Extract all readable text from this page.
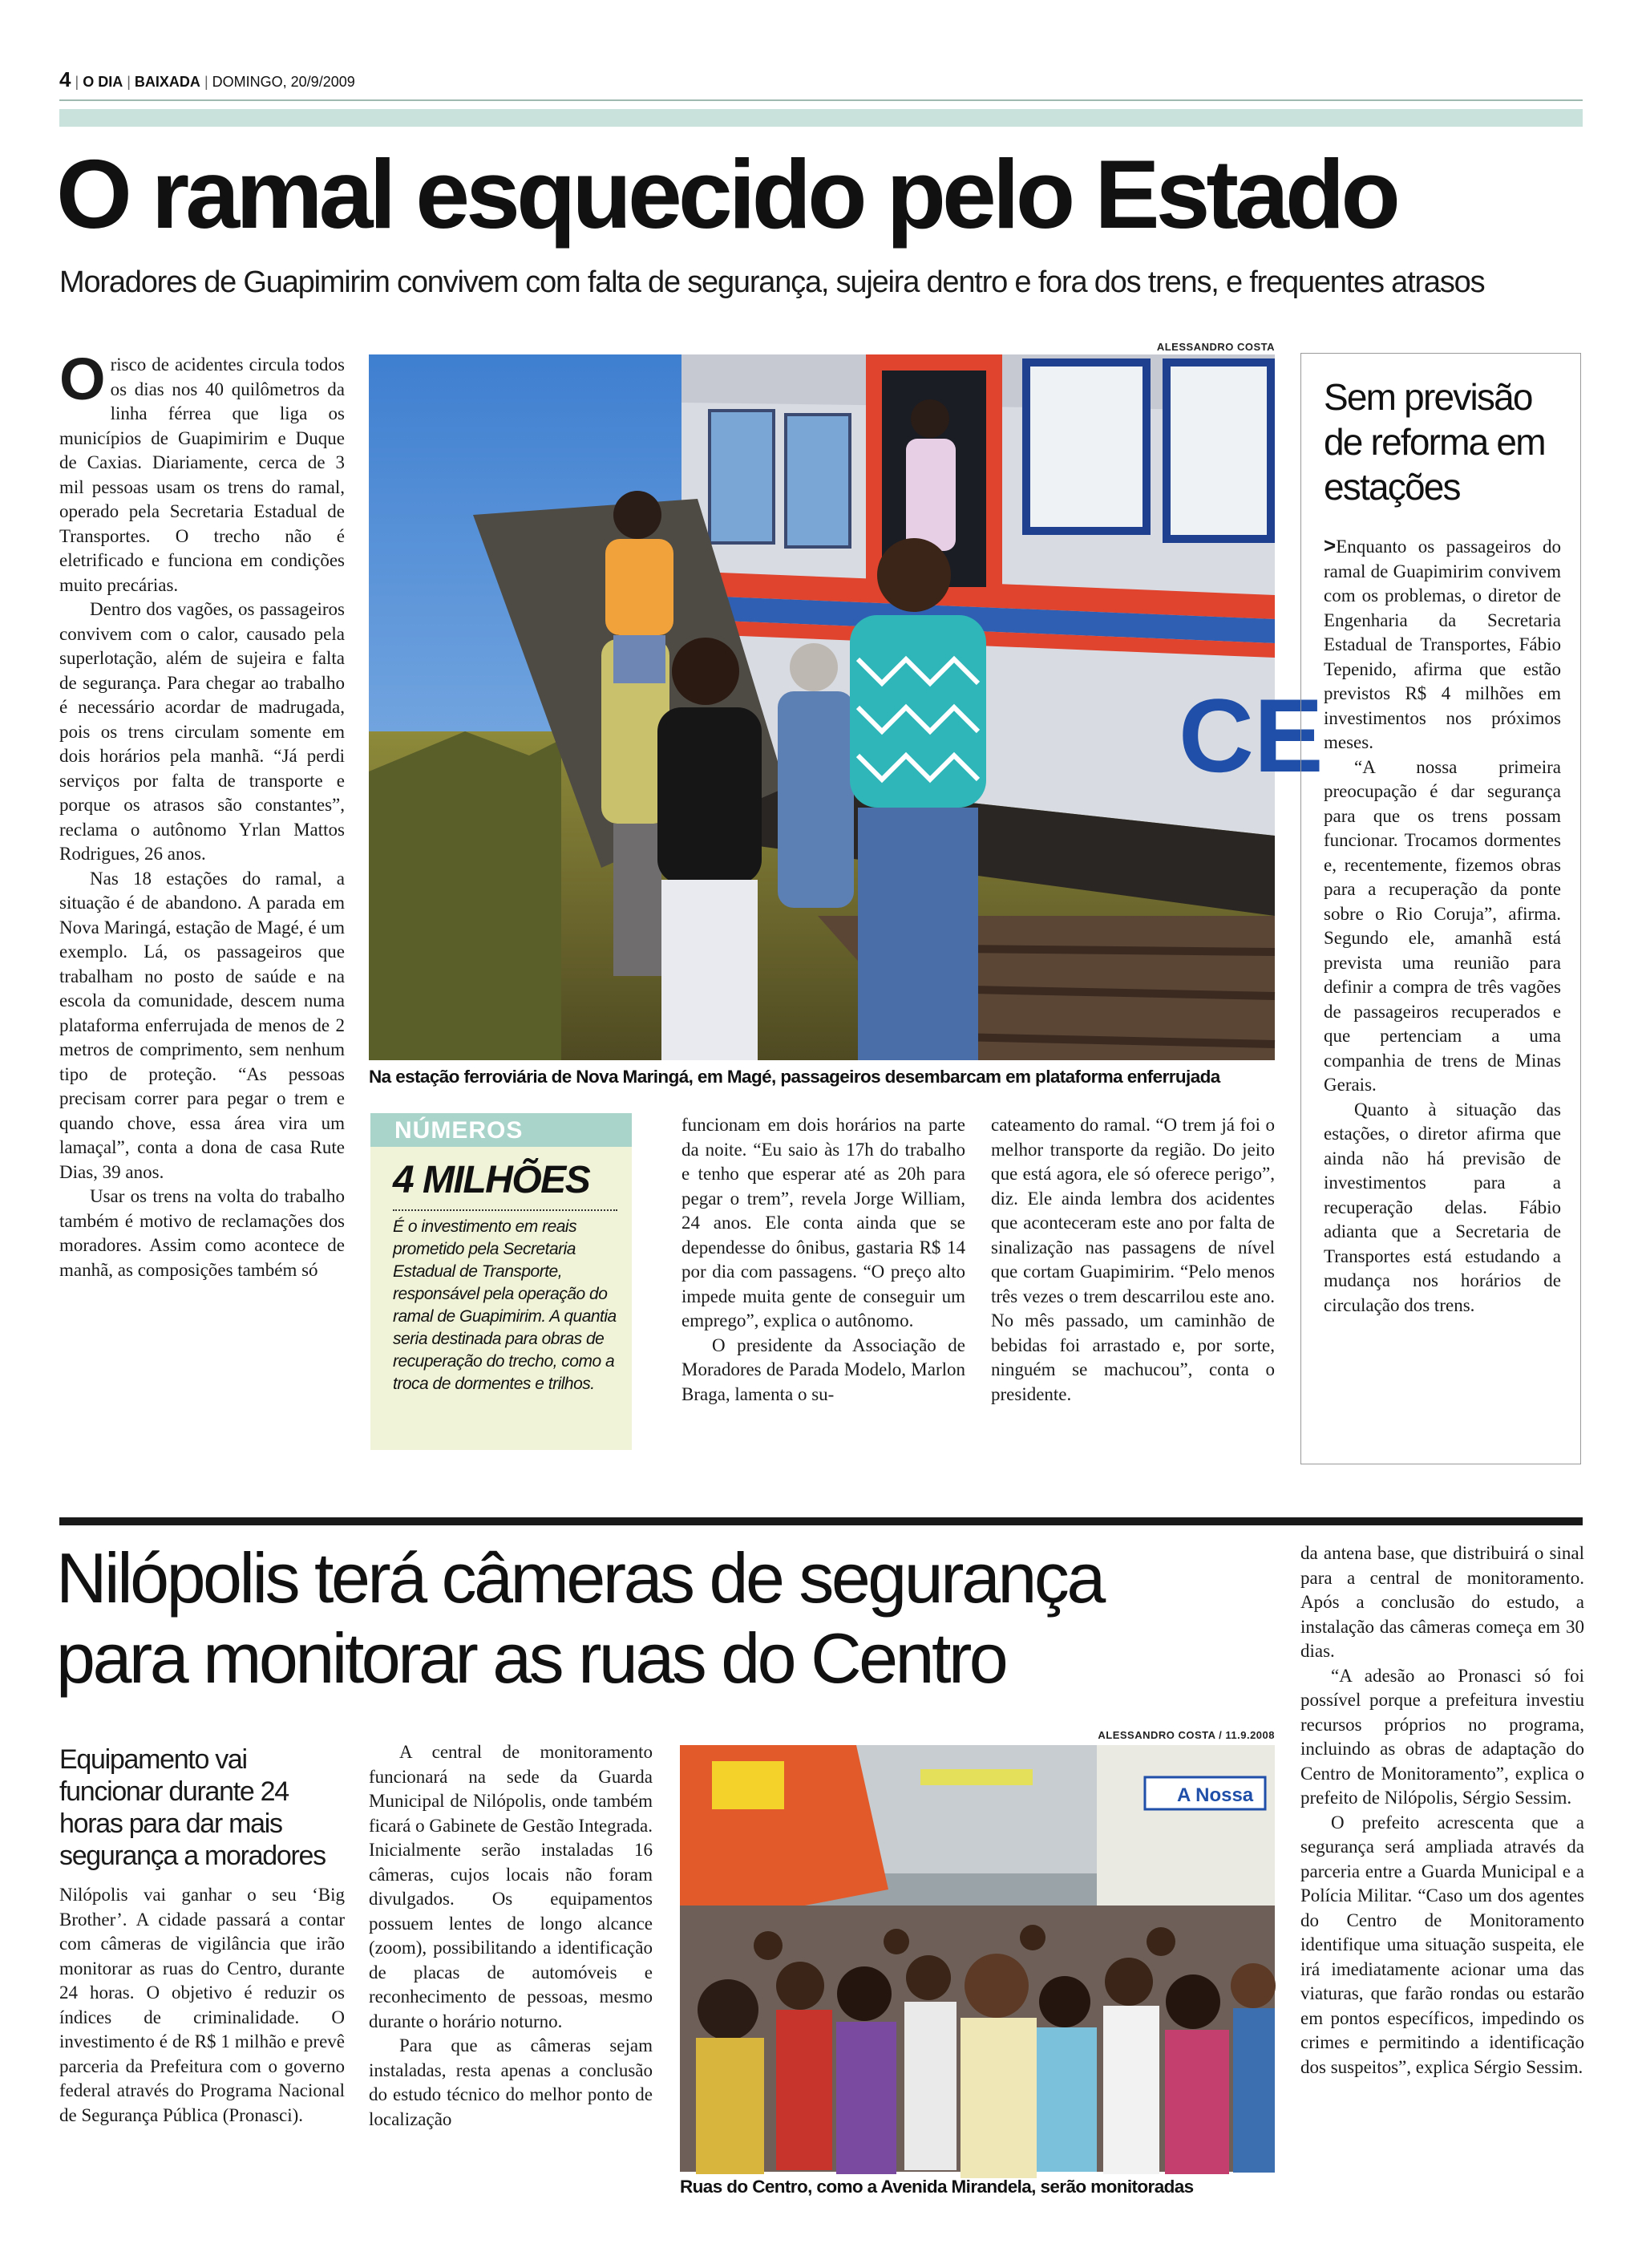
4 | O DIA | BAIXADA | DOMINGO, 20/9/2009
O ramal esquecido pelo Estado
Moradores de Guapimirim convivem com falta de segurança, sujeira dentro e fora dos trens, e frequentes atrasos

Orisco de acidentes circula todos os dias nos 40 quilômetros da linha férrea que liga os municípios de Guapimirim e Duque de Caxias. Diariamente, cerca de 3 mil pessoas usam os trens do ramal, operado pela Secretaria Estadual de Transportes. O trecho não é eletrificado e funciona em condições muito precárias.

Dentro dos vagões, os passageiros convivem com o calor, causado pela superlotação, além de sujeira e falta de segurança. Para chegar ao trabalho é necessário acordar de madrugada, pois os trens circulam somente em dois horários pela manhã. “Já perdi serviços por falta de transporte e porque os atrasos são constantes”, reclama o autônomo Yrlan Mattos Rodrigues, 26 anos.

Nas 18 estações do ramal, a situação é de abandono. A parada em Nova Maringá, estação de Magé, é um exemplo. Lá, os passageiros que trabalham no posto de saúde e na escola da comunidade, descem numa plataforma enferrujada de menos de 2 metros de comprimento, sem nenhum tipo de proteção. “As pessoas precisam correr para pegar o trem e quando chove, essa área vira um lamaçal”, conta a dona de casa Rute Dias, 39 anos.

Usar os trens na volta do trabalho também é motivo de reclamações dos moradores. Assim como acontece de manhã, as composições também só

ALESSANDRO COSTA
CE
Na estação ferroviária de Nova Maringá, em Magé, passageiros desembarcam em plataforma enferrujada
NÚMEROS
4 MILHÕES
É o investimento em reais prometido pela Secretaria Estadual de Transporte, responsável pela operação do ramal de Guapimirim. A quantia seria destinada para obras de recuperação do trecho, como a troca de dormentes e trilhos.

funcionam em dois horários na parte da noite. “Eu saio às 17h do trabalho e tenho que esperar até as 20h para pegar o trem”, revela Jorge William, 24 anos. Ele conta ainda que se dependesse do ônibus, gastaria R$ 14 por dia com passagens. “O preço alto impede muita gente de conseguir um emprego”, explica o autônomo.

O presidente da Associação de Moradores de Parada Modelo, Marlon Braga, lamenta o su-

cateamento do ramal. “O trem já foi o melhor transporte da região. Do jeito que está agora, ele só oferece perigo”, diz. Ele ainda lembra dos acidentes que aconteceram este ano por falta de sinalização nas passagens de nível que cortam Guapimirim. “Pelo menos três vezes o trem descarrilou este ano. No mês passado, um caminhão de bebidas foi arrastado e, por sorte, ninguém se machucou”, conta o presidente.

Sem previsão de reforma em estações

>Enquanto os passageiros do ramal de Guapimirim convivem com os problemas, o diretor de Engenharia da Secretaria Estadual de Transportes, Fábio Tepenido, afirma que estão previstos R$ 4 milhões em investimentos nos próximos meses.

“A nossa primeira preocupação é dar segurança para que os trens possam funcionar. Trocamos dormentes e, recentemente, fizemos obras para a recuperação da ponte sobre o Rio Coruja”, afirma. Segundo ele, amanhã está prevista uma reunião para definir a compra de três vagões de passageiros recuperados e que pertenciam a uma companhia de trens de Minas Gerais.

Quanto à situação das estações, o diretor afirma que ainda não há previsão de investimentos para a recuperação delas. Fábio adianta que a Secretaria de Transportes está estudando a mudança nos horários de circulação dos trens.

Nilópolis terá câmeras de segurança
para monitorar as ruas do Centro
Equipamento vai funcionar durante 24 horas para dar mais segurança a moradores

Nilópolis vai ganhar o seu ‘Big Brother’. A cidade passará a contar com câmeras de vigilância que irão monitorar as ruas do Centro, durante 24 horas. O objetivo é reduzir os índices de criminalidade. O investimento é de R$ 1 milhão e prevê parceria da Prefeitura com o governo federal através do Programa Nacional de Segurança Pública (Pronasci).

A central de monitoramento funcionará na sede da Guarda Municipal de Nilópolis, onde também ficará o Gabinete de Gestão Integrada. Inicialmente serão instaladas 16 câmeras, cujos locais não foram divulgados. Os equipamentos possuem lentes de longo alcance (zoom), possibilitando a identificação de placas de automóveis e reconhecimento de pessoas, mesmo durante o horário noturno.

Para que as câmeras sejam instaladas, resta apenas a conclusão do estudo técnico do melhor ponto de localização

ALESSANDRO COSTA / 11.9.2008
A Nossa
Ruas do Centro, como a Avenida Mirandela, serão monitoradas

da antena base, que distribuirá o sinal para a central de monitoramento. Após a conclusão do estudo, a instalação das câmeras começa em 30 dias.

“A adesão ao Pronasci só foi possível porque a prefeitura investiu recursos próprios no programa, incluindo as obras de adaptação do Centro de Monitoramento”, explica o prefeito de Nilópolis, Sérgio Sessim.

O prefeito acrescenta que a segurança será ampliada através da parceria entre a Guarda Municipal e a Polícia Militar. “Caso um dos agentes do Centro de Monitoramento identifique uma situação suspeita, ele irá imediatamente acionar uma das viaturas, que farão rondas ou estarão em pontos específicos, impedindo os crimes e permitindo a identificação dos suspeitos”, explica Sérgio Sessim.
